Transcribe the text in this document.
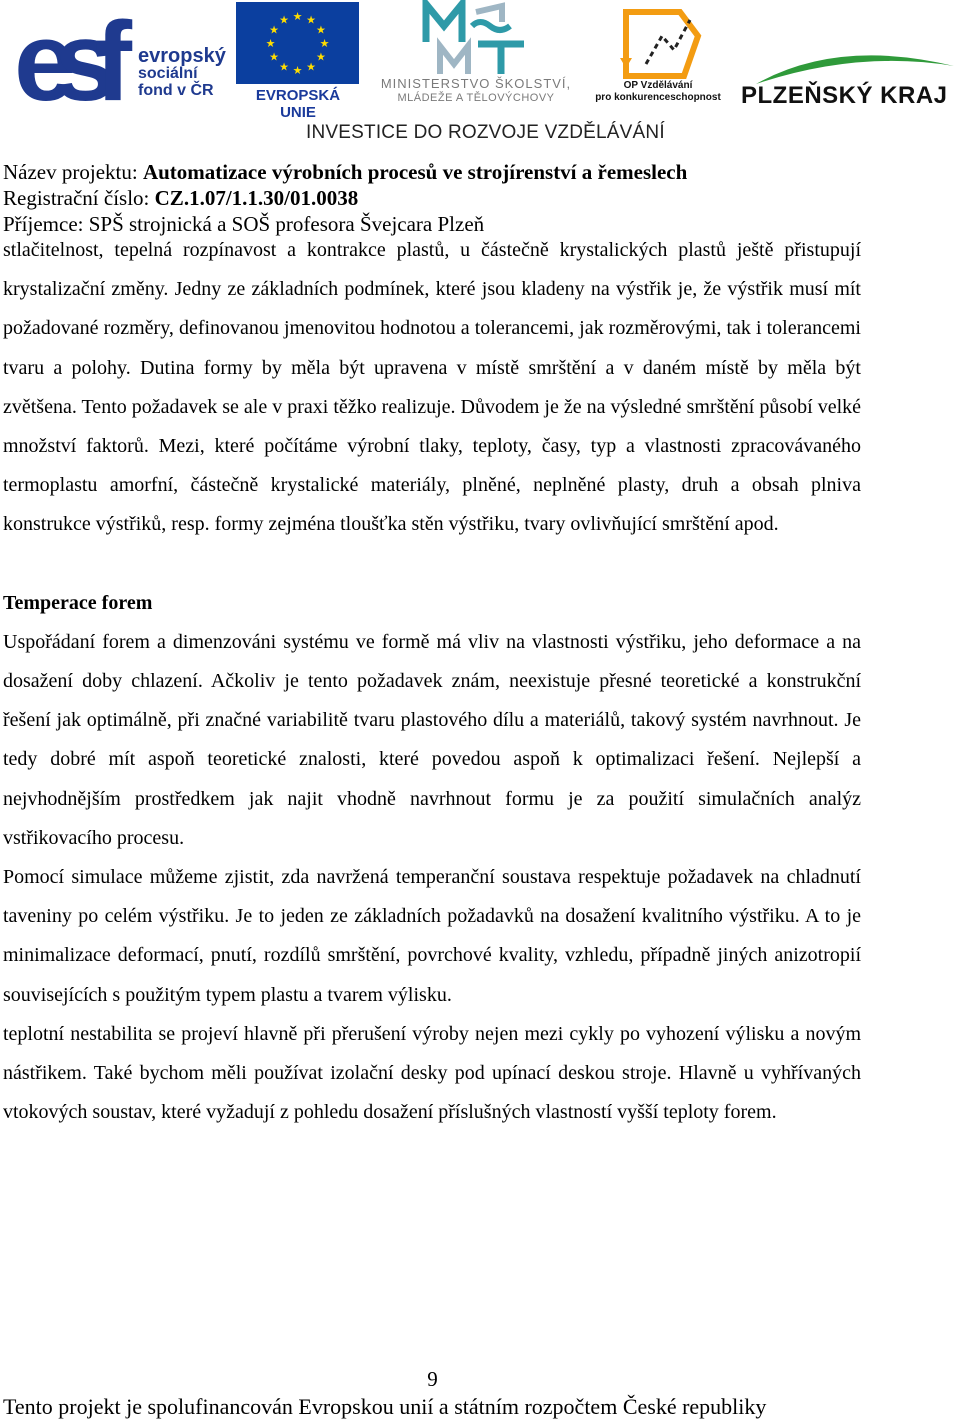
esf evropský
sociální
fond v ČR
★ ★
★
★
★
★
★
★
★
★
★
★
EVROPSKÁ UNIE
MINISTERSTVO ŠKOLSTVÍ,
MLÁDEŽE A TĚLOVÝCHOVY
OP Vzdělávání
pro konkurenceschopnost PLZEŇSKÝ KRAJ
INVESTICE DO ROZVOJE VZDĚLÁVÁNÍ
Název projektu: Automatizace výrobních procesů ve strojírenství a řemeslech
Registrační číslo: CZ.1.07/1.1.30/01.0038
Příjemce: SPŠ strojnická a SOŠ profesora Švejcara Plzeň

stlačitelnost, tepelná rozpínavost a kontrakce plastů, u částečně krystalických plastů ještě přistupují krystalizační změny. Jedny ze základních podmínek, které jsou kladeny na výstřik je, že výstřik musí mít požadované rozměry, definovanou jmenovitou hodnotou a tolerancemi, jak rozměrovými, tak i tolerancemi tvaru a polohy. Dutina formy by měla být upravena v místě smrštění a v daném místě by měla být zvětšena. Tento požadavek se ale v praxi těžko realizuje. Důvodem je že na výsledné smrštění působí velké množství faktorů. Mezi, které počítáme výrobní tlaky, teploty, časy, typ a vlastnosti zpracovávaného termoplastu amorfní, částečně krystalické materiály, plněné, neplněné plasty, druh a obsah plniva konstrukce výstřiků, resp. formy zejména tloušťka stěn výstřiku, tvary ovlivňující smrštění apod.

Temperace forem

Uspořádaní forem a dimenzováni systému ve formě má vliv na vlastnosti výstřiku, jeho deformace a na dosažení doby chlazení. Ačkoliv je tento požadavek znám, neexistuje přesné teoretické a konstrukční řešení jak optimálně, při značné variabilitě tvaru plastového dílu a materiálů, takový systém navrhnout. Je tedy dobré mít aspoň teoretické znalosti, které povedou aspoň k optimalizaci řešení. Nejlepší a nejvhodnějším prostředkem jak najit vhodně navrhnout formu je za použití simulačních analýz vstřikovacího procesu.

Pomocí simulace můžeme zjistit, zda navržená temperanční soustava respektuje požadavek na chladnutí taveniny po celém výstřiku. Je to jeden ze základních požadavků na dosažení kvalitního výstřiku. A to je minimalizace deformací, pnutí, rozdílů smrštění, povrchové kvality, vzhledu, případně jiných anizotropií souvisejících s použitým typem plastu a tvarem výlisku.

teplotní nestabilita se projeví hlavně při přerušení výroby nejen mezi cykly po vyhození výlisku a novým nástřikem. Také bychom měli používat izolační desky pod upínací deskou stroje. Hlavně u vyhřívaných vtokových soustav, které vyžadují z pohledu dosažení příslušných vlastností vyšší teploty forem.

9
Tento projekt je spolufinancován Evropskou unií a státním rozpočtem České republiky
